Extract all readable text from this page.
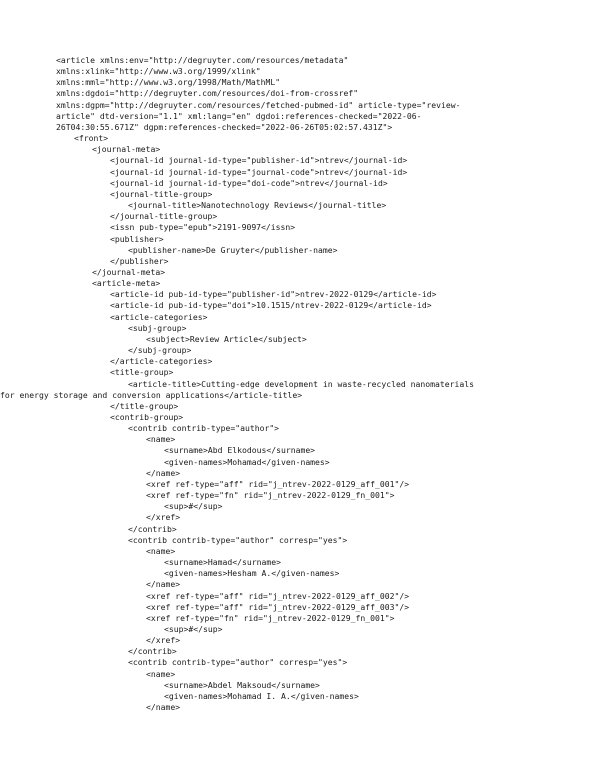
<article xmlns:env="http://degruyter.com/resources/metadata"
xmlns:xlink="http://www.w3.org/1999/xlink"
xmlns:mml="http://www.w3.org/1998/Math/MathML"
xmlns:dgdoi="http://degruyter.com/resources/doi-from-crossref"
xmlns:dgpm="http://degruyter.com/resources/fetched-pubmed-id" article-type="review-
article" dtd-version="1.1" xml:lang="en" dgdoi:references-checked="2022-06-
26T04:30:55.671Z" dgpm:references-checked="2022-06-26T05:02:57.431Z">
<front>
<journal-meta>
<journal-id journal-id-type="publisher-id">ntrev</journal-id>
<journal-id journal-id-type="journal-code">ntrev</journal-id>
<journal-id journal-id-type="doi-code">ntrev</journal-id>
<journal-title-group>
<journal-title>Nanotechnology Reviews</journal-title>
</journal-title-group>
<issn pub-type="epub">2191-9097</issn>
<publisher>
<publisher-name>De Gruyter</publisher-name>
</publisher>
</journal-meta>
<article-meta>
<article-id pub-id-type="publisher-id">ntrev-2022-0129</article-id>
<article-id pub-id-type="doi">10.1515/ntrev-2022-0129</article-id>
<article-categories>
<subj-group>
<subject>Review Article</subject>
</subj-group>
</article-categories>
<title-group>
<article-title>Cutting-edge development in waste-recycled nanomaterials
for energy storage and conversion applications</article-title>
</title-group>
<contrib-group>
<contrib contrib-type="author">
<name>
<surname>Abd Elkodous</surname>
<given-names>Mohamad</given-names>
</name>
<xref ref-type="aff" rid="j_ntrev-2022-0129_aff_001"/>
<xref ref-type="fn" rid="j_ntrev-2022-0129_fn_001">
<sup>#</sup>
</xref>
</contrib>
<contrib contrib-type="author" corresp="yes">
<name>
<surname>Hamad</surname>
<given-names>Hesham A.</given-names>
</name>
<xref ref-type="aff" rid="j_ntrev-2022-0129_aff_002"/>
<xref ref-type="aff" rid="j_ntrev-2022-0129_aff_003"/>
<xref ref-type="fn" rid="j_ntrev-2022-0129_fn_001">
<sup>#</sup>
</xref>
</contrib>
<contrib contrib-type="author" corresp="yes">
<name>
<surname>Abdel Maksoud</surname>
<given-names>Mohamad I. A.</given-names>
</name>
